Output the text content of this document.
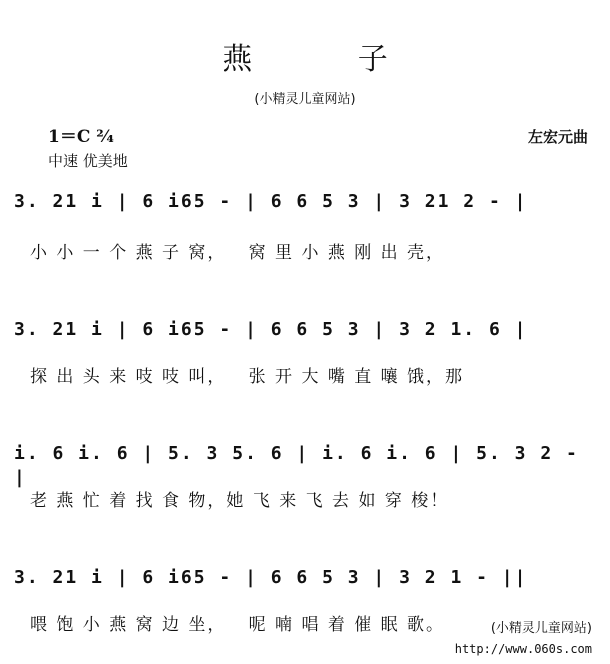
燕 子
(小精灵儿童网站)
1＝C ²⁄₄
中速 优美地
左宏元曲
3. 21 i | 6 i65 - | 6 6 5 3 | 3 21 2 - |
小 小 一 个 燕 子 窝，   窝 里 小 燕 刚 出 壳，
3. 21 i | 6 i65 - | 6 6 5 3 | 3 2 1. 6 |
探 出 头 来 吱 吱 叫，   张 开 大 嘴 直 嚷 饿，那
i. 6 i. 6 | 5. 3 5. 6 | i. 6 i. 6 | 5. 3 2 - |
老 燕 忙 着 找 食 物，她 飞 来 飞 去 如 穿 梭！
3. 21 i | 6 i65 - | 6 6 5 3 | 3 2 1 - ||
喂 饱 小 燕 窝 边 坐，   呢 喃 唱 着 催 眠 歌。	(小精灵儿童网站)
http://www.060s.com
